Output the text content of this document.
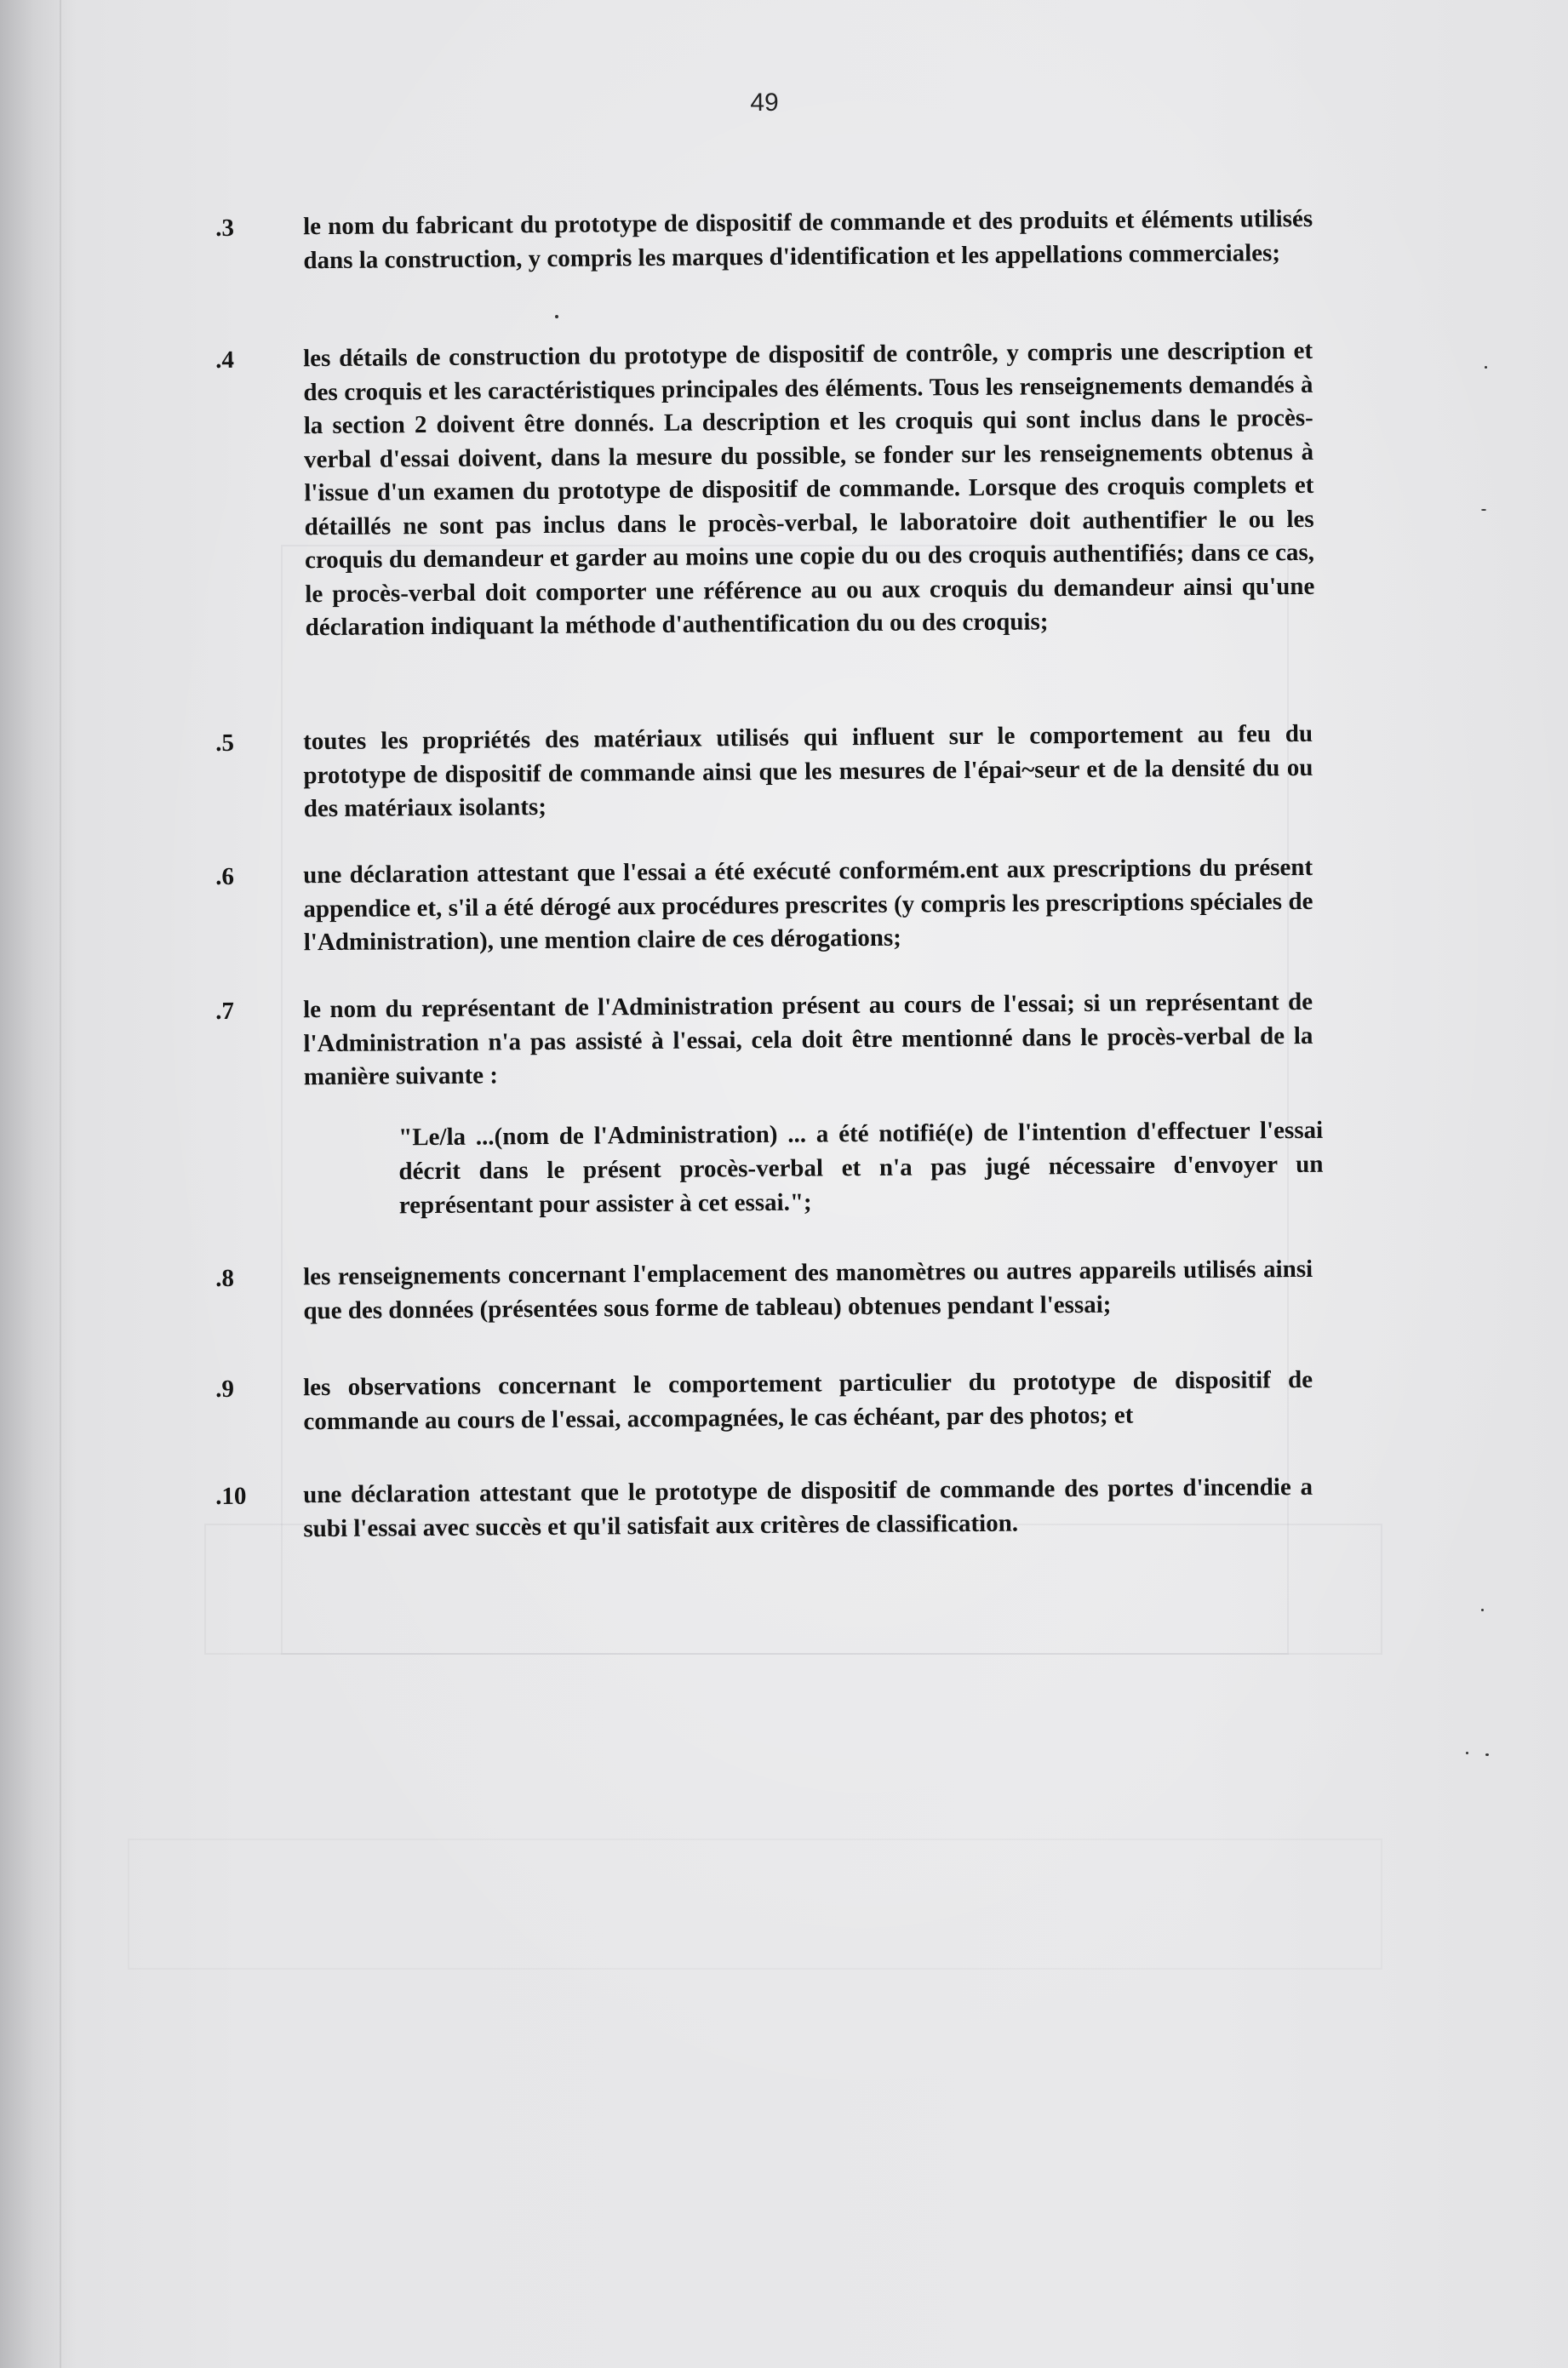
49
.3	le nom du fabricant du prototype de dispositif de commande et des produits et éléments utilisés dans la construction, y compris les marques d'identification et les appellations commerciales;
.4	les détails de construction du prototype de dispositif de contrôle, y compris une description et des croquis et les caractéristiques principales des éléments. Tous les renseignements demandés à la section 2 doivent être donnés. La description et les croquis qui sont inclus dans le procès-verbal d'essai doivent, dans la mesure du possible, se fonder sur les renseignements obtenus à l'issue d'un examen du prototype de dispositif de commande. Lorsque des croquis complets et détaillés ne sont pas inclus dans le procès-verbal, le laboratoire doit authentifier le ou les croquis du demandeur et garder au moins une copie du ou des croquis authentifiés; dans ce cas, le procès-verbal doit comporter une référence au ou aux croquis du demandeur ainsi qu'une déclaration indiquant la méthode d'authentification du ou des croquis;
.5	toutes les propriétés des matériaux utilisés qui influent sur le comportement au feu du prototype de dispositif de commande ainsi que les mesures de l'épai~seur et de la densité du ou des matériaux isolants;
.6	une déclaration attestant que l'essai a été exécuté conformém.ent aux prescriptions du présent appendice et, s'il a été dérogé aux procédures prescrites (y compris les prescriptions spéciales de l'Administration), une mention claire de ces dérogations;
.7	le nom du représentant de l'Administration présent au cours de l'essai; si un représentant de l'Administration n'a pas assisté à l'essai, cela doit être mentionné dans le procès-verbal de la manière suivante :
"Le/la ...(nom de l'Administration) ... a été notifié(e) de l'intention d'effectuer l'essai décrit dans le présent procès-verbal et n'a pas jugé nécessaire d'envoyer un représentant pour assister à cet essai.";
.8	les renseignements concernant l'emplacement des manomètres ou autres appareils utilisés ainsi que des données (présentées sous forme de tableau) obtenues pendant l'essai;
.9	les observations concernant le comportement particulier du prototype de dispositif de commande au cours de l'essai, accompagnées, le cas échéant, par des photos; et
.10	une déclaration attestant que le prototype de dispositif de commande des portes d'incendie a subi l'essai avec succès et qu'il satisfait aux critères de classification.
